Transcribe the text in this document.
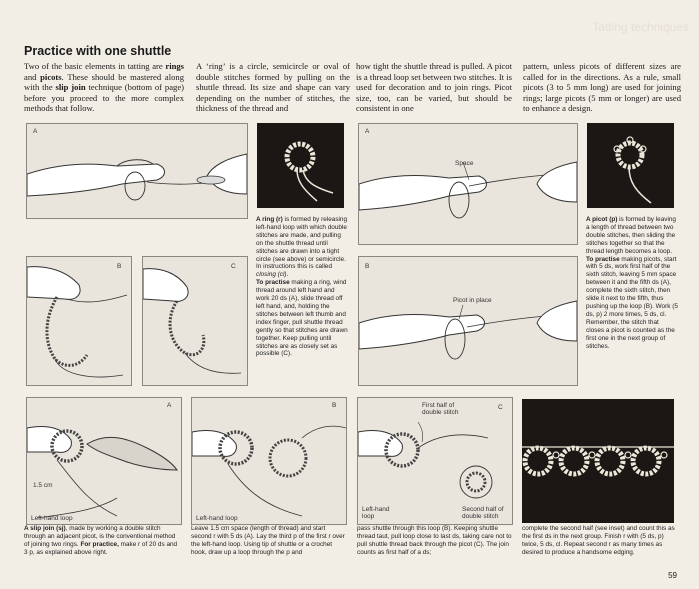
Tatting techniques
Practice with one shuttle
Two of the basic elements in tatting are rings and picots. These should be mastered along with the slip join technique (bottom of page) before you proceed to the more complex methods that follow.
A ‘ring’ is a circle, semicircle or oval of double stitches formed by pulling on the shuttle thread. Its size and shape can vary depending on the number of stitches, the thickness of the thread and
how tight the shuttle thread is pulled. A picot is a thread loop set between two stitches. It is used for decoration and to join rings. Picot size, too, can be varied, but should be consistent in one
pattern, unless picots of different sizes are called for in the directions. As a rule, small picots (3 to 5 mm long) are used for joining rings; large picots (5 mm or longer) are used to enhance a design.
A
B	C
A ring (r) is formed by releasing left-hand loop with which double stitches are made, and pulling on the shuttle thread until stitches are drawn into a tight circle (see above) or semicircle. In instructions this is called closing (cl).
To practise making a ring, wind thread around left hand and work 20 ds (A), slide thread off left hand, and, holding the stitches between left thumb and index finger, pull shuttle thread gently so that stitches are drawn together. Keep pulling until stitches are as closely set as possible (C).
A
Space
B
Picot in place
A picot (p) is formed by leaving a length of thread between two double stitches, then sliding the stitches together so that the thread length becomes a loop.
To practise making picots, start with 5 ds, work first half of the sixth stitch, leaving 5 mm space between it and the fifth ds (A), complete the sixth stitch, then slide it next to the fifth, thus pushing up the loop (B). Work (5 ds, p) 2 more times, 5 ds, cl. Remember, the stitch that closes a picot is counted as the first one in the next group of stitches.
A
1.5 cm
Left-hand loop
B
Left-hand loop
C
First half of
double stitch
Left-hand
loop
Second half of
double stitch
A slip join (sj), made by working a double stitch through an adjacent picot, is the conventional method of joining two rings. For practice, make r of 20 ds and 3 p, as explained above right.
Leave 1.5 cm space (length of thread) and start second r with 5 ds (A). Lay the third p of the first r over the left-hand loop. Using tip of shuttle or a crochet hook, draw up a loop through the p and
pass shuttle through this loop (B). Keeping shuttle thread taut, pull loop close to last ds, taking care not to pull shuttle thread back through the picot (C). The join counts as first half of a ds;
complete the second half (see inset) and count this as the first ds in the next group. Finish r with (5 ds, p) twice, 5 ds, cl. Repeat second r as many times as desired to produce a handsome edging.
59
